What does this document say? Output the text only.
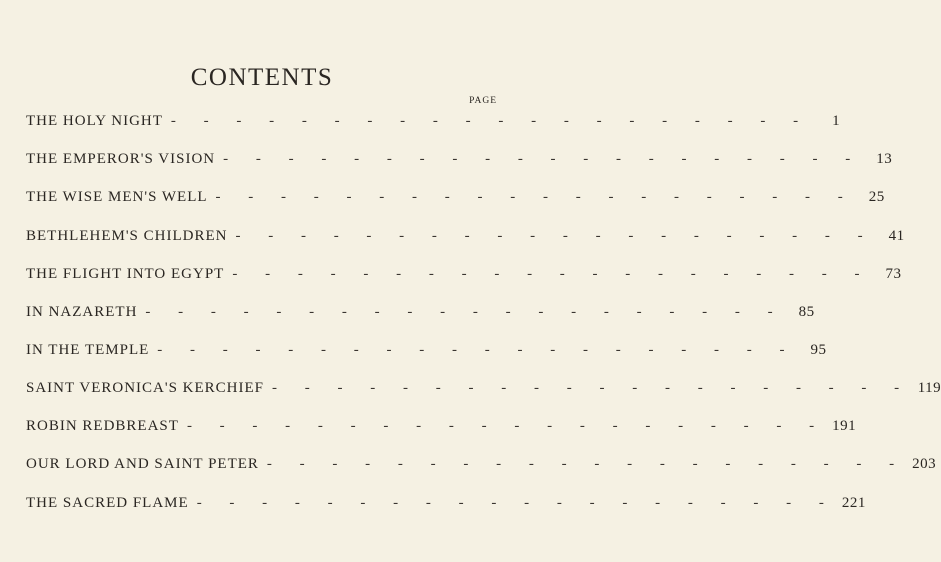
CONTENTS
PAGE
THE HOLY NIGHT - - - - - - - - - - - - - - - - - - - -	1
THE EMPEROR'S VISION - - - - - - - - - - - - - - - - - - - - 13
THE WISE MEN'S WELL - - - - - - - - - - - - - - - - - - - - 25
BETHLEHEM'S CHILDREN - - - - - - - - - - - - - - - - - - - - 41
THE FLIGHT INTO EGYPT - - - - - - - - - - - - - - - - - - - - 73
IN NAZARETH - - - - - - - - - - - - - - - - - - - - 85
IN THE TEMPLE - - - - - - - - - - - - - - - - - - - - 95
SAINT VERONICA'S KERCHIEF - - - - - - - - - - - - - - - - - - - - 119
ROBIN REDBREAST - - - - - - - - - - - - - - - - - - - - 191
OUR LORD AND SAINT PETER - - - - - - - - - - - - - - - - - - - - 203
THE SACRED FLAME - - - - - - - - - - - - - - - - - - - - 221
